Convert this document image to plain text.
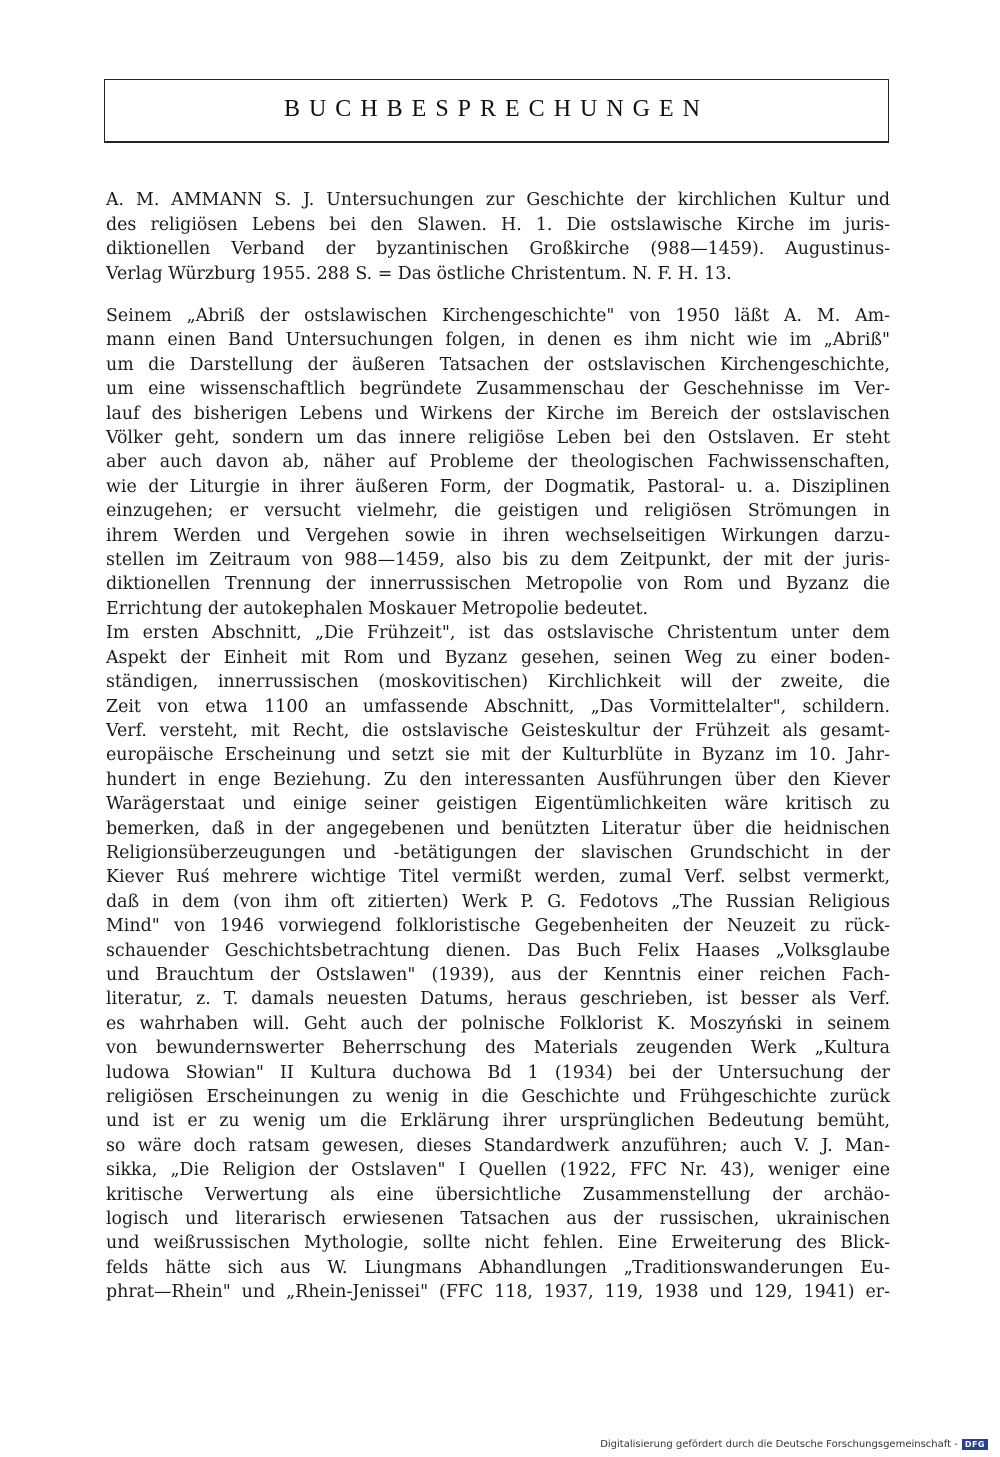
BUCHBESPRECHUNGEN
A. M. AMMANN S. J. Untersuchungen zur Geschichte der kirchlichen Kultur und
des religiösen Lebens bei den Slawen. H. 1. Die ostslawische Kirche im juris-
diktionellen Verband der byzantinischen Großkirche (988—1459). Augustinus-
Verlag Würzburg 1955. 288 S. = Das östliche Christentum. N. F. H. 13.
Seinem „Abriß der ostslawischen Kirchengeschichte" von 1950 läßt A. M. Am-
mann einen Band Untersuchungen folgen, in denen es ihm nicht wie im „Abriß"
um die Darstellung der äußeren Tatsachen der ostslavischen Kirchengeschichte,
um eine wissenschaftlich begründete Zusammenschau der Geschehnisse im Ver-
lauf des bisherigen Lebens und Wirkens der Kirche im Bereich der ostslavischen
Völker geht, sondern um das innere religiöse Leben bei den Ostslaven. Er steht
aber auch davon ab, näher auf Probleme der theologischen Fachwissenschaften,
wie der Liturgie in ihrer äußeren Form, der Dogmatik, Pastoral- u. a. Disziplinen
einzugehen; er versucht vielmehr, die geistigen und religiösen Strömungen in
ihrem Werden und Vergehen sowie in ihren wechselseitigen Wirkungen darzu-
stellen im Zeitraum von 988—1459, also bis zu dem Zeitpunkt, der mit der juris-
diktionellen Trennung der innerrussischen Metropolie von Rom und Byzanz die
Errichtung der autokephalen Moskauer Metropolie bedeutet.
Im ersten Abschnitt, „Die Frühzeit", ist das ostslavische Christentum unter dem
Aspekt der Einheit mit Rom und Byzanz gesehen, seinen Weg zu einer boden-
ständigen, innerrussischen (moskovitischen) Kirchlichkeit will der zweite, die
Zeit von etwa 1100 an umfassende Abschnitt, „Das Vormittelalter", schildern.
Verf. versteht, mit Recht, die ostslavische Geisteskultur der Frühzeit als gesamt-
europäische Erscheinung und setzt sie mit der Kulturblüte in Byzanz im 10. Jahr-
hundert in enge Beziehung. Zu den interessanten Ausführungen über den Kiever
Warägerstaat und einige seiner geistigen Eigentümlichkeiten wäre kritisch zu
bemerken, daß in der angegebenen und benützten Literatur über die heidnischen
Religionsüberzeugungen und -betätigungen der slavischen Grundschicht in der
Kiever Ruś mehrere wichtige Titel vermißt werden, zumal Verf. selbst vermerkt,
daß in dem (von ihm oft zitierten) Werk P. G. Fedotovs „The Russian Religious
Mind" von 1946 vorwiegend folkloristische Gegebenheiten der Neuzeit zu rück-
schauender Geschichtsbetrachtung dienen. Das Buch Felix Haases „Volksglaube
und Brauchtum der Ostslawen" (1939), aus der Kenntnis einer reichen Fach-
literatur, z. T. damals neuesten Datums, heraus geschrieben, ist besser als Verf.
es wahrhaben will. Geht auch der polnische Folklorist K. Moszyński in seinem
von bewundernswerter Beherrschung des Materials zeugenden Werk „Kultura
ludowa Słowian" II Kultura duchowa Bd 1 (1934) bei der Untersuchung der
religiösen Erscheinungen zu wenig in die Geschichte und Frühgeschichte zurück
und ist er zu wenig um die Erklärung ihrer ursprünglichen Bedeutung bemüht,
so wäre doch ratsam gewesen, dieses Standardwerk anzuführen; auch V. J. Man-
sikka, „Die Religion der Ostslaven" I Quellen (1922, FFC Nr. 43), weniger eine
kritische Verwertung als eine übersichtliche Zusammenstellung der archäo-
logisch und literarisch erwiesenen Tatsachen aus der russischen, ukrainischen
und weißrussischen Mythologie, sollte nicht fehlen. Eine Erweiterung des Blick-
felds hätte sich aus W. Liungmans Abhandlungen „Traditionswanderungen Eu-
phrat—Rhein" und „Rhein-Jenissei" (FFC 118, 1937, 119, 1938 und 129, 1941) er-
Digitalisierung gefördert durch die Deutsche Forschungsgemeinschaft - DFG
